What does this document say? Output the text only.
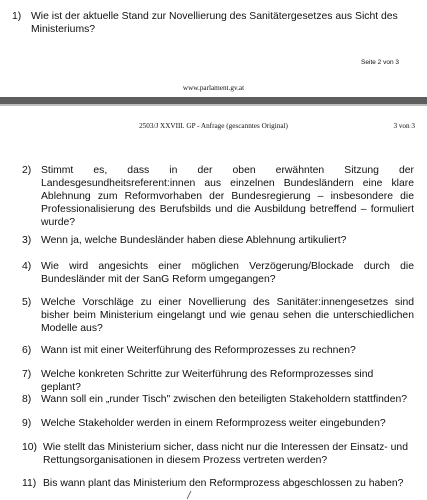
1) Wie ist der aktuelle Stand zur Novellierung des Sanitätergesetzes aus Sicht des Ministeriums?
Seite 2 von 3
www.parlament.gv.at
2503/J XXVIII. GP - Anfrage (gescanntes Original)	3 von 3
2) Stimmt es, dass in der oben erwähnten Sitzung der Landesgesundheitsreferent:innen aus einzelnen Bundesländern eine klare Ablehnung zum Reformvorhaben der Bundesregierung – insbesondere die Professionalisierung des Berufsbilds und die Ausbildung betreffend – formuliert wurde?
3) Wenn ja, welche Bundesländer haben diese Ablehnung artikuliert?
4) Wie wird angesichts einer möglichen Verzögerung/Blockade durch die Bundesländer mit der SanG Reform umgegangen?
5) Welche Vorschläge zu einer Novellierung des Sanitäter:innengesetzes sind bisher beim Ministerium eingelangt und wie genau sehen die unterschiedlichen Modelle aus?
6) Wann ist mit einer Weiterführung des Reformprozesses zu rechnen?
7) Welche konkreten Schritte zur Weiterführung des Reformprozesses sind geplant?
8) Wann soll ein „runder Tisch" zwischen den beteiligten Stakeholdern stattfinden?
9) Welche Stakeholder werden in einem Reformprozess weiter eingebunden?
10) Wie stellt das Ministerium sicher, dass nicht nur die Interessen der Einsatz- und Rettungsorganisationen in diesem Prozess vertreten werden?
11) Bis wann plant das Ministerium den Reformprozess abgeschlossen zu haben?
